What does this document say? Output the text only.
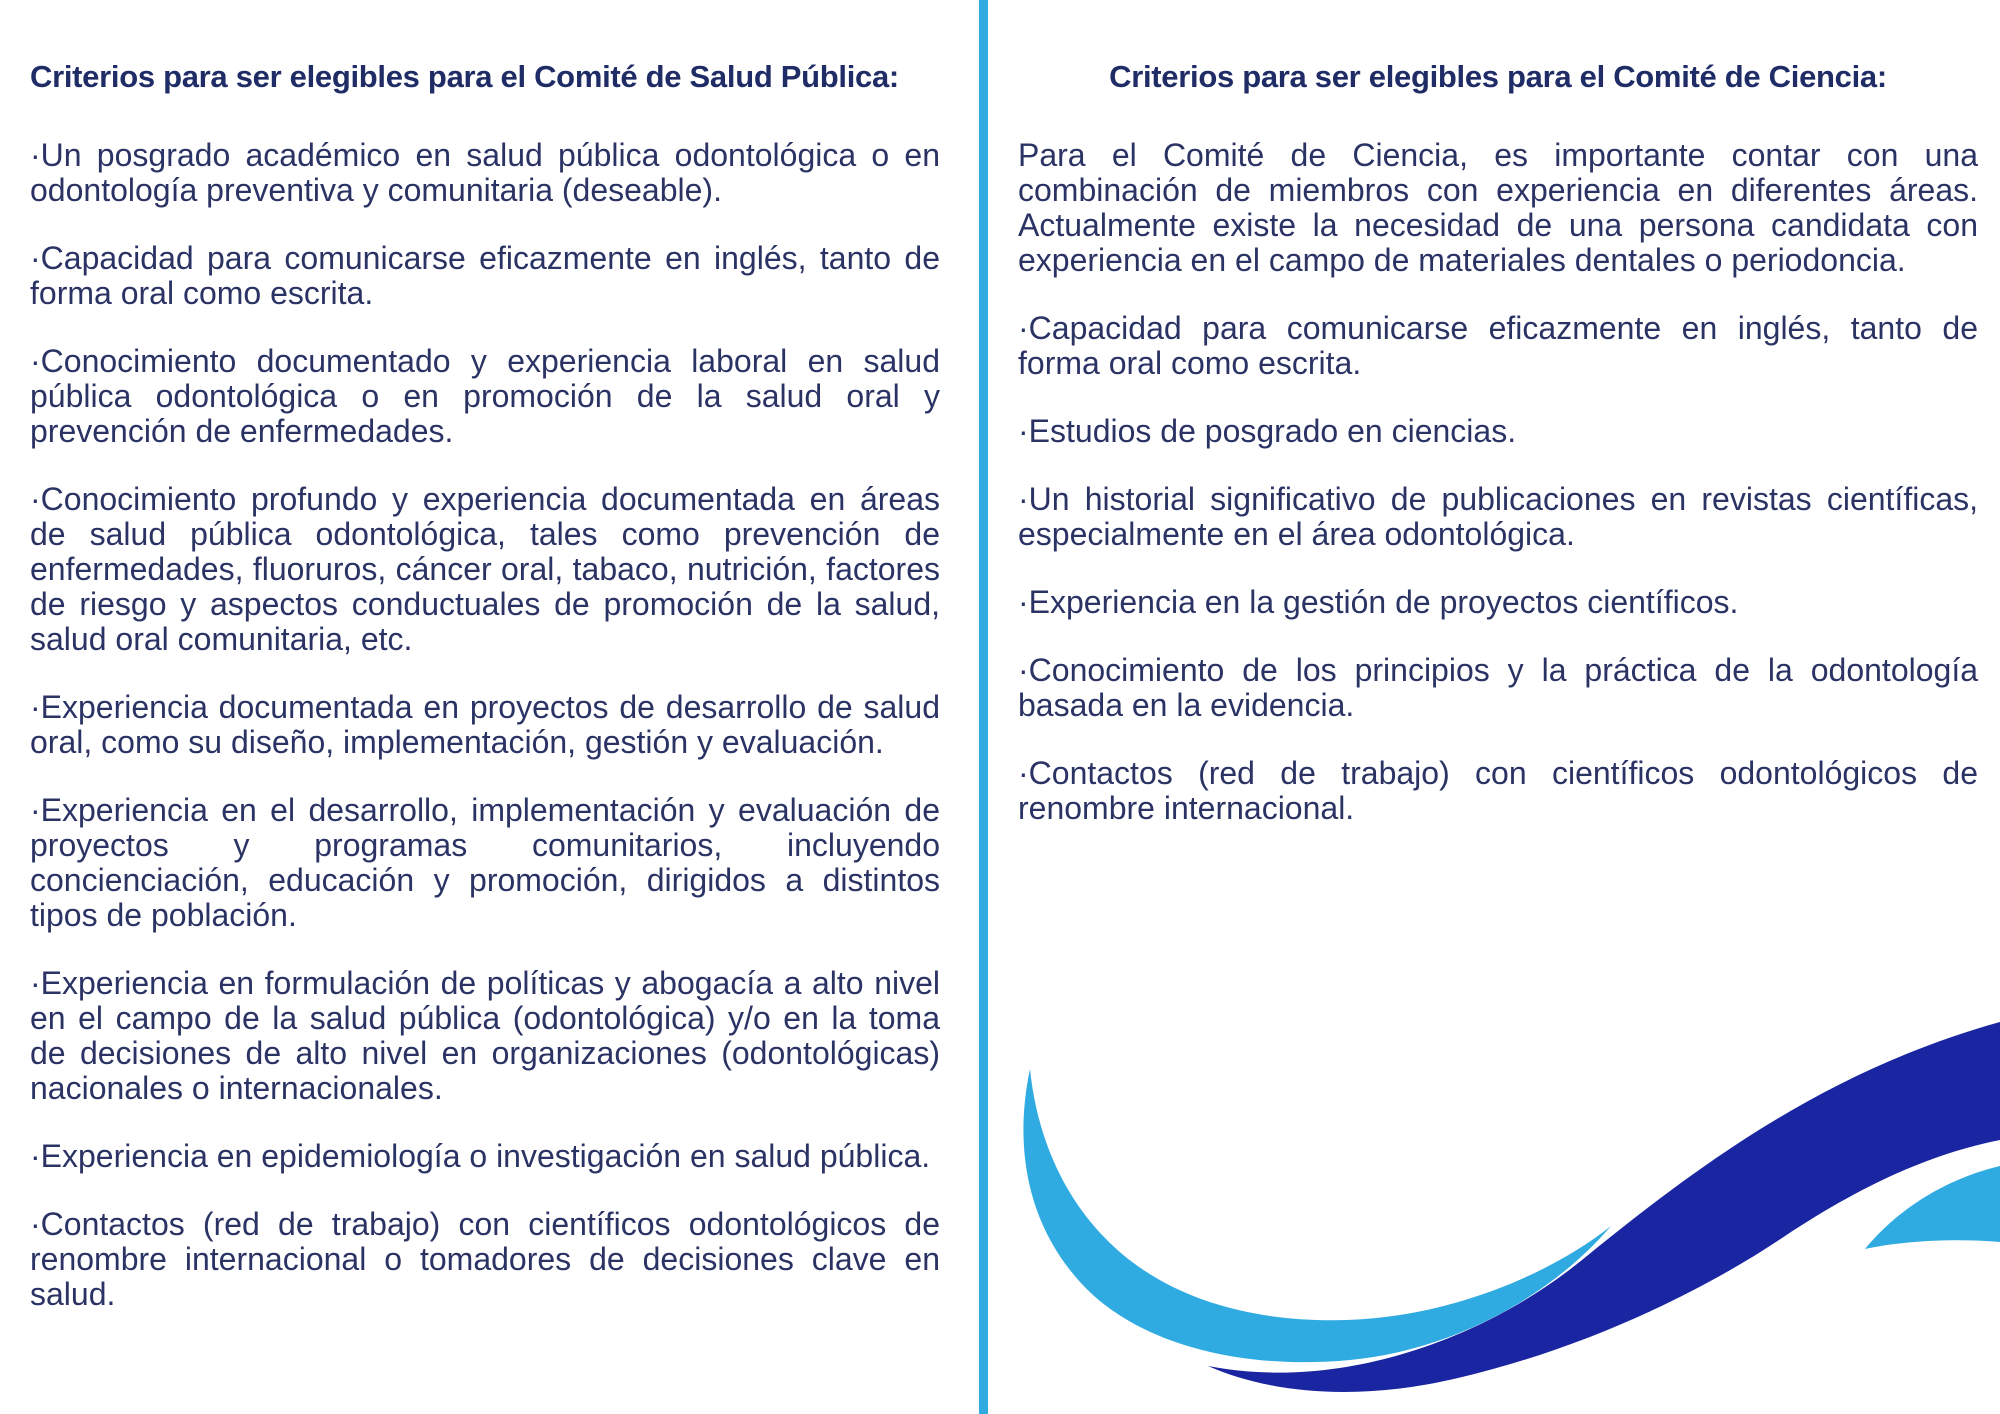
Criterios para ser elegibles para el Comité de Salud Pública:

·Un posgrado académico en salud pública odontológica o en odontología preventiva y comunitaria (deseable).

·Capacidad para comunicarse eficazmente en inglés, tanto de forma oral como escrita.

·Conocimiento documentado y experiencia laboral en salud pública odontológica o en promoción de la salud oral y prevención de enfermedades.

·Conocimiento profundo y experiencia documentada en áreas de salud pública odontológica, tales como prevención de enfermedades, fluoruros, cáncer oral, tabaco, nutrición, factores de riesgo y aspectos conductuales de promoción de la salud, salud oral comunitaria, etc.

·Experiencia documentada en proyectos de desarrollo de salud oral, como su diseño, implementación, gestión y evaluación.

·Experiencia en el desarrollo, implementación y evaluación de proyectos y programas comunitarios, incluyendo concienciación, educación y promoción, dirigidos a distintos tipos de población.

·Experiencia en formulación de políticas y abogacía a alto nivel en el campo de la salud pública (odontológica) y/o en la toma de decisiones de alto nivel en organizaciones (odontológicas) nacionales o internacionales.

·Experiencia en epidemiología o investigación en salud pública.

·Contactos (red de trabajo) con científicos odontológicos de renombre internacional o tomadores de decisiones clave en salud.

Criterios para ser elegibles para el Comité de Ciencia:

Para el Comité de Ciencia, es importante contar con una combinación de miembros con experiencia en diferentes áreas. Actualmente existe la necesidad de una persona candidata con experiencia en el campo de materiales dentales o periodoncia.

·Capacidad para comunicarse eficazmente en inglés, tanto de forma oral como escrita.

·Estudios de posgrado en ciencias.

·Un historial significativo de publicaciones en revistas científicas, especialmente en el área odontológica.

·Experiencia en la gestión de proyectos científicos.

·Conocimiento de los principios y la práctica de la odontología basada en la evidencia.

·Contactos (red de trabajo) con científicos odontológicos de renombre internacional.
